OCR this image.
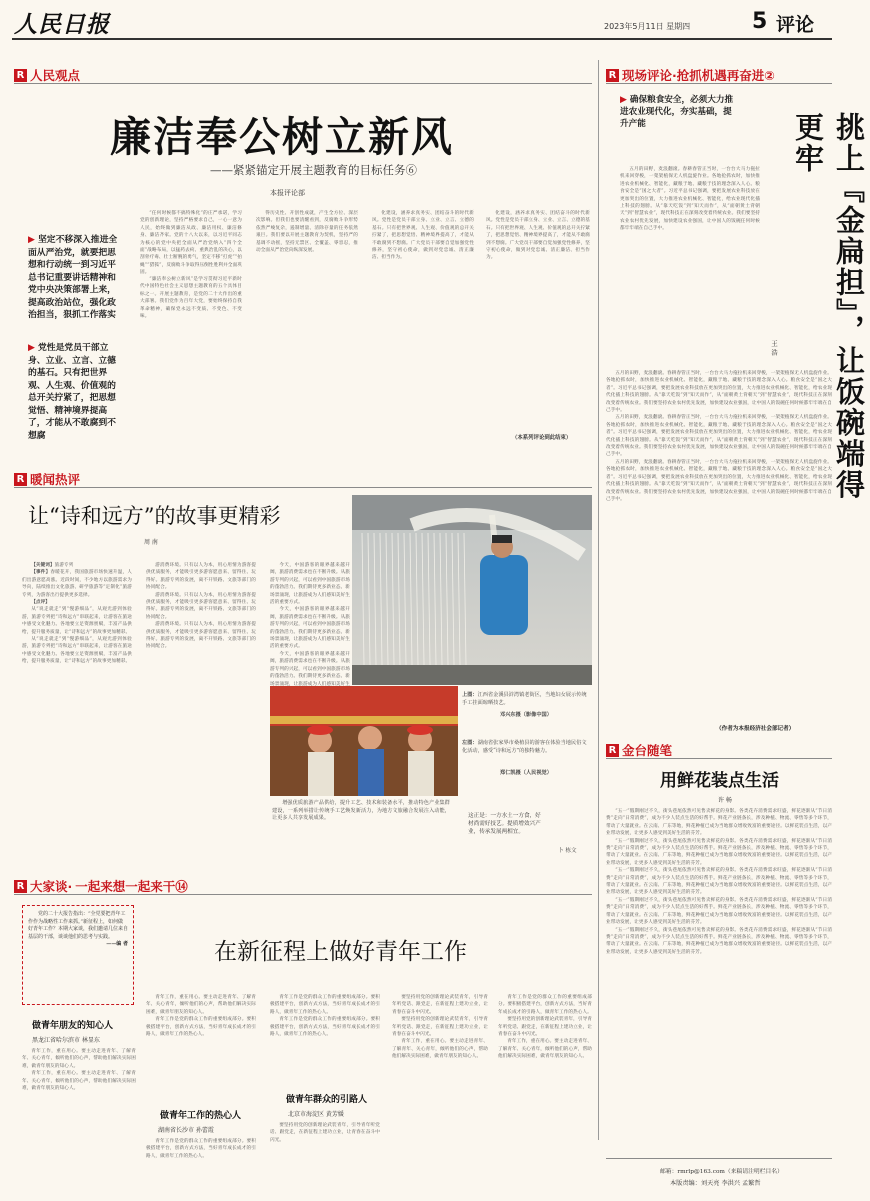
人民日报	2023年5月11日 星期四	5 评论
R 人民观点
廉洁奉公树立新风
——紧紧锚定开展主题教育的目标任务⑥
本报评论部
▶ 坚定不移深入推进全面从严治党，就要把思想和行动统一到习近平总书记重要讲话精神和党中央决策部署上来，提高政治站位，强化政治担当，狠抓工作落实
▶ 党性是党员干部立身、立业、立言、立德的基石。只有把世界观、人生观、价值观的总开关拧紧了，把思想觉悟、精神境界提高了，才能从不敢腐到不想腐

“任何时候都不搞特殊化”的庄严承诺，学习党的创新理论，坚持严格要求自己，一心一意为人民，始终做到廉洁从政、廉洁用权、廉洁修身、廉洁齐家。党的十八大以来，以习近平同志为核心的党中央把全面从严治党纳入“四个全面”战略布局，以猛药去疴、重典治乱的决心，以刮骨疗毒、壮士断腕的勇气，坚定不移“打虎”“拍蝇”“猎狐”，反腐败斗争取得压倒性胜利并全面巩固。

“廉洁奉公树立新风”是学习贯彻习近平新时代中国特色社会主义思想主题教育的五个具体目标之一。开展主题教育，是党的二十大作出的重大部署。我们党作为百年大党，要始终保持自我革命精神，确保党永远不变质、不变色、不变味。

得历史性、开创性成就，产生全方位、深层次影响。但我们也要清醒看到，反腐败斗争形势依然严峻复杂，遏制增量、清除存量的任务依然艰巨。我们要以开展主题教育为契机，坚持严的基调不动摇，坚持无禁区、全覆盖、零容忍，推动全面从严治党向纵深发展。

化建设，涵养求真务实、团结奋斗的时代新风。党性是党员干部立身、立业、立言、立德的基石。只有把世界观、人生观、价值观的总开关拧紧了，把思想觉悟、精神境界提高了，才能从不敢腐到不想腐。广大党员干部要自觉加强党性修养，坚守初心使命，做到对党忠诚、清正廉洁、担当作为。

化建设，涵养求真务实、团结奋斗的时代新风。党性是党员干部立身、立业、立言、立德的基石。只有把世界观、人生观、价值观的总开关拧紧了，把思想觉悟、精神境界提高了，才能从不敢腐到不想腐。广大党员干部要自觉加强党性修养，坚守初心使命，做到对党忠诚、清正廉洁、担当作为。

（本系列评论到此结束）
R 现场评论·抢抓机遇再奋进②
▶ 确保粮食安全，必须大力推进农业现代化，夯实基础，提升产能	挑上『金扁担』，让饭碗端得更牢
王 浩

五月的田野，麦浪翻滚。春耕春管正当时，一台台大马力拖拉机来回穿梭，一架架植保无人机盘旋作业。各地抢抓农时，加快推进农业机械化、智能化，藏粮于地、藏粮于技的理念深入人心。粮食安全是“国之大者”。习近平总书记强调，要把发展农业科技放在更加突出的位置，大力推进农业机械化、智能化，给农业现代化插上科技的翅膀。从“靠天吃饭”到“知天而作”，从“面朝黄土背朝天”到“智慧农业”，现代科技正在深刻改变着传统农业。我们要坚持农业农村优先发展，加快建设农业强国，让中国人的饭碗任何时候都牢牢端在自己手中。

五月的田野，麦浪翻滚。春耕春管正当时，一台台大马力拖拉机来回穿梭，一架架植保无人机盘旋作业。各地抢抓农时，加快推进农业机械化、智能化，藏粮于地、藏粮于技的理念深入人心。粮食安全是“国之大者”。习近平总书记强调，要把发展农业科技放在更加突出的位置，大力推进农业机械化、智能化，给农业现代化插上科技的翅膀。从“靠天吃饭”到“知天而作”，从“面朝黄土背朝天”到“智慧农业”，现代科技正在深刻改变着传统农业。我们要坚持农业农村优先发展，加快建设农业强国，让中国人的饭碗任何时候都牢牢端在自己手中。

五月的田野，麦浪翻滚。春耕春管正当时，一台台大马力拖拉机来回穿梭，一架架植保无人机盘旋作业。各地抢抓农时，加快推进农业机械化、智能化，藏粮于地、藏粮于技的理念深入人心。粮食安全是“国之大者”。习近平总书记强调，要把发展农业科技放在更加突出的位置，大力推进农业机械化、智能化，给农业现代化插上科技的翅膀。从“靠天吃饭”到“知天而作”，从“面朝黄土背朝天”到“智慧农业”，现代科技正在深刻改变着传统农业。我们要坚持农业农村优先发展，加快建设农业强国，让中国人的饭碗任何时候都牢牢端在自己手中。

五月的田野，麦浪翻滚。春耕春管正当时，一台台大马力拖拉机来回穿梭，一架架植保无人机盘旋作业。各地抢抓农时，加快推进农业机械化、智能化，藏粮于地、藏粮于技的理念深入人心。粮食安全是“国之大者”。习近平总书记强调，要把发展农业科技放在更加突出的位置，大力推进农业机械化、智能化，给农业现代化插上科技的翅膀。从“靠天吃饭”到“知天而作”，从“面朝黄土背朝天”到“智慧农业”，现代科技正在深刻改变着传统农业。我们要坚持农业农村优先发展，加快建设农业强国，让中国人的饭碗任何时候都牢牢端在自己手中。

（作者为本报经济社会部记者）
R 金台随笔
用鲜花装点生活
许 畅

“五一”假期刚过不久，街头巷尾依然可见售卖鲜花的身影。各类花卉消费需求旺盛，鲜花逐渐从“节日消费”走向“日常消费”，成为不少人装点生活的好帮手。鲜花产业链条长，涉及种植、物流、零售等多个环节，带动了大量就业。在云南、广东等地，鲜花种植已成为当地群众增收致富的重要途径。以鲜花装点生活，以产业带动发展，让更多人感受到美好生活的芬芳。

“五一”假期刚过不久，街头巷尾依然可见售卖鲜花的身影。各类花卉消费需求旺盛，鲜花逐渐从“节日消费”走向“日常消费”，成为不少人装点生活的好帮手。鲜花产业链条长，涉及种植、物流、零售等多个环节，带动了大量就业。在云南、广东等地，鲜花种植已成为当地群众增收致富的重要途径。以鲜花装点生活，以产业带动发展，让更多人感受到美好生活的芬芳。

“五一”假期刚过不久，街头巷尾依然可见售卖鲜花的身影。各类花卉消费需求旺盛，鲜花逐渐从“节日消费”走向“日常消费”，成为不少人装点生活的好帮手。鲜花产业链条长，涉及种植、物流、零售等多个环节，带动了大量就业。在云南、广东等地，鲜花种植已成为当地群众增收致富的重要途径。以鲜花装点生活，以产业带动发展，让更多人感受到美好生活的芬芳。

“五一”假期刚过不久，街头巷尾依然可见售卖鲜花的身影。各类花卉消费需求旺盛，鲜花逐渐从“节日消费”走向“日常消费”，成为不少人装点生活的好帮手。鲜花产业链条长，涉及种植、物流、零售等多个环节，带动了大量就业。在云南、广东等地，鲜花种植已成为当地群众增收致富的重要途径。以鲜花装点生活，以产业带动发展，让更多人感受到美好生活的芬芳。

“五一”假期刚过不久，街头巷尾依然可见售卖鲜花的身影。各类花卉消费需求旺盛，鲜花逐渐从“节日消费”走向“日常消费”，成为不少人装点生活的好帮手。鲜花产业链条长，涉及种植、物流、零售等多个环节，带动了大量就业。在云南、广东等地，鲜花种植已成为当地群众增收致富的重要途径。以鲜花装点生活，以产业带动发展，让更多人感受到美好生活的芬芳。

R 暖闻热评
让“诗和远方”的故事更精彩
周 南

【关键词】旅游专列

【事件】春暖花开，我国旅游市场快速升温，人们出游意愿高涨。近段时间，不少地方以旅游需求为导向，陆续推出文化旅游、研学旅游等“定制化”旅游专列，为游客出行提供更多选择。

【点评】

从“说走就走”到“慢游细品”，从观光游到体验游，旅游专列把“诗和远方”串联起来，让游客在旅途中感受文化魅力。各地要立足资源禀赋，丰富产品供给，提升服务质量，让“诗和远方”的故事更加精彩。

从“说走就走”到“慢游细品”，从观光游到体验游，旅游专列把“诗和远方”串联起来，让游客在旅途中感受文化魅力。各地要立足资源禀赋，丰富产品供给，提升服务质量，让“诗和远方”的故事更加精彩。

游消费环境。只有以人为本，用心用情为游客提供优质服务，才能吸引更多游客愿意来、留得住、玩得好。旅游专列的发展，离不开铁路、文旅等部门的协同配合。

游消费环境。只有以人为本，用心用情为游客提供优质服务，才能吸引更多游客愿意来、留得住、玩得好。旅游专列的发展，离不开铁路、文旅等部门的协同配合。

游消费环境。只有以人为本，用心用情为游客提供优质服务，才能吸引更多游客愿意来、留得住、玩得好。旅游专列的发展，离不开铁路、文旅等部门的协同配合。

今天，中国游客的眼界越来越开阔，旅游消费需求也在不断升级。从旅游专列的兴起，可以看到中国旅游市场的蓬勃活力。我们期待更多新业态、新场景涌现，让旅游成为人们感知美好生活的重要方式。

今天，中国游客的眼界越来越开阔，旅游消费需求也在不断升级。从旅游专列的兴起，可以看到中国旅游市场的蓬勃活力。我们期待更多新业态、新场景涌现，让旅游成为人们感知美好生活的重要方式。

今天，中国游客的眼界越来越开阔，旅游消费需求也在不断升级。从旅游专列的兴起，可以看到中国旅游市场的蓬勃活力。我们期待更多新业态、新场景涌现，让旅游成为人们感知美好生

上图：江西省金溪县浒湾镇老街区，当地妇女展示传统手工挂面晾晒技艺。
邓兴东摄（影像中国）
左图：湖南省张家界市桑植县的游客在体验当地民俗文化活动，感受“诗和远方”的独特魅力。
郑仁凯摄（人民视觉）

增强优质旅游产品供给，提升工艺、技术和装备水平，推动特色产业集群建设，一系列举措让传统手工艺焕发新活力，为地方文旅融合发展注入动能，让更多人共享发展成果。	这正是：一方水土一方食，好材尚需好技艺。提质增效兴产业，传承发展两相宜。
卜 栋文
R 大家谈· 一起来想一起来干⑭
党的二十大报告指出：“全党要把青年工作作为战略性工作来抓。”新征程上，如何做好青年工作？本期大家谈，我们邀请几位来自基层的干部，谈谈他们的思考与实践。
——编 者	在新征程上做好青年工作
做青年朋友的知心人
黑龙江省哈尔滨市 林显东

青年工作，重在用心。要主动走进青年、了解青年、关心青年，倾听他们的心声，帮助他们解决实际困难，做青年朋友的知心人。

青年工作，重在用心。要主动走进青年、了解青年、关心青年，倾听他们的心声，帮助他们解决实际困难，做青年朋友的知心人。

青年工作，重在用心。要主动走进青年、了解青年、关心青年，倾听他们的心声，帮助他们解决实际困难，做青年朋友的知心人。

青年工作是党的群众工作的重要组成部分。要积极搭建平台，创新方式方法，当好青年成长成才的引路人，做青年工作的热心人。

做青年工作的热心人
湖南省长沙市 孙蕾霞

青年工作是党的群众工作的重要组成部分。要积极搭建平台，创新方式方法，当好青年成长成才的引路人，做青年工作的热心人。

青年工作是党的群众工作的重要组成部分。要积极搭建平台，创新方式方法，当好青年成长成才的引路人，做青年工作的热心人。

青年工作是党的群众工作的重要组成部分。要积极搭建平台，创新方式方法，当好青年成长成才的引路人，做青年工作的热心人。

做青年群众的引路人
北京市海淀区 黄芳媛

要坚持用党的创新理论武装青年，引导青年听党话、跟党走，在新征程上建功立业，让青春在奋斗中闪光。

要坚持用党的创新理论武装青年，引导青年听党话、跟党走，在新征程上建功立业，让青春在奋斗中闪光。

要坚持用党的创新理论武装青年，引导青年听党话、跟党走，在新征程上建功立业，让青春在奋斗中闪光。

青年工作，重在用心。要主动走进青年、了解青年、关心青年，倾听他们的心声，帮助他们解决实际困难，做青年朋友的知心人。

青年工作是党的群众工作的重要组成部分。要积极搭建平台，创新方式方法，当好青年成长成才的引路人，做青年工作的热心人。

要坚持用党的创新理论武装青年，引导青年听党话、跟党走，在新征程上建功立业，让青春在奋斗中闪光。

青年工作，重在用心。要主动走进青年、了解青年、关心青年，倾听他们的心声，帮助他们解决实际困难，做青年朋友的知心人。

邮箱：rmrlp@163.com（来稿请注明栏目名）
本版责编：刘天亮 李洪兴 孟繁哲
